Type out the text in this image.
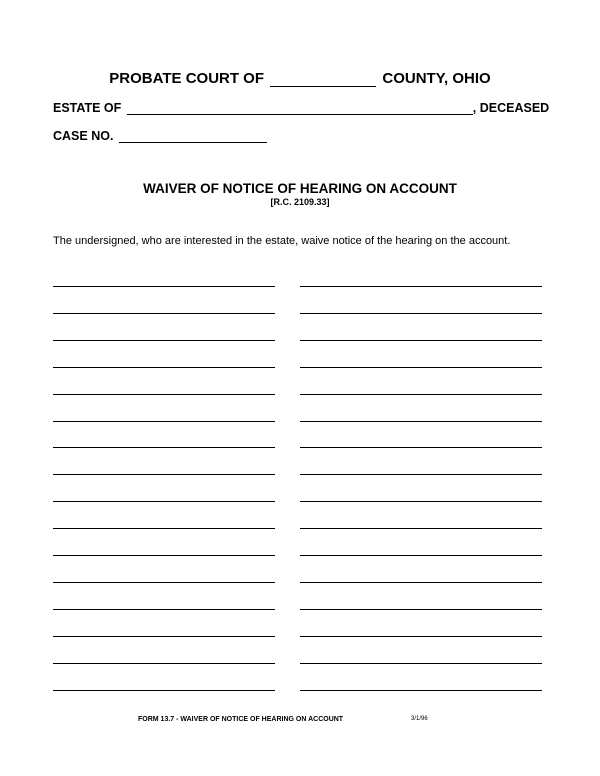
PROBATE COURT OF	COUNTY, OHIO
ESTATE OF	, DECEASED
CASE NO.
WAIVER OF NOTICE OF HEARING ON ACCOUNT
[R.C. 2109.33]
The undersigned, who are interested in the estate, waive notice of the hearing on the account.
FORM 13.7 - WAIVER OF NOTICE OF HEARING ON ACCOUNT	3/1/96
